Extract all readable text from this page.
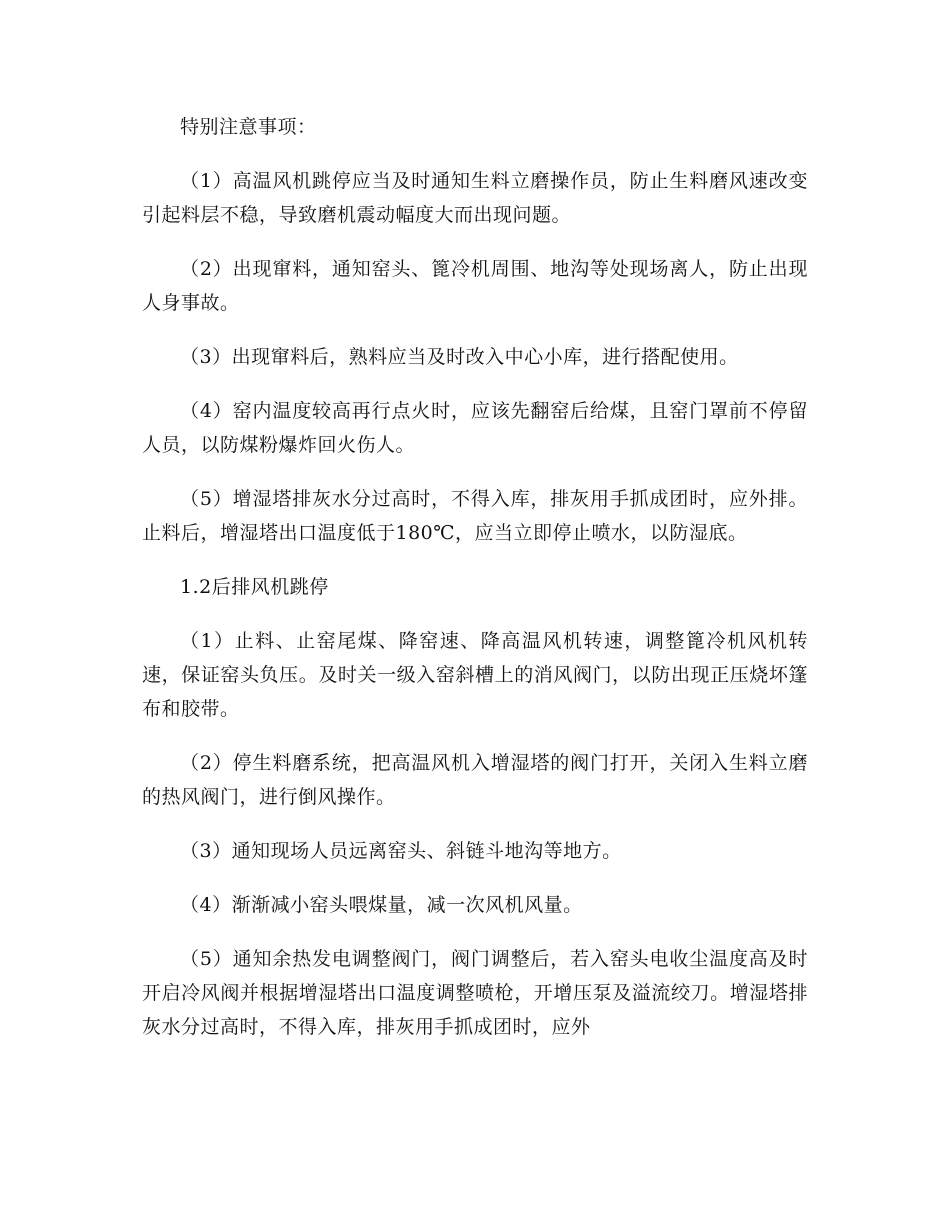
特别注意事项：

（1）高温风机跳停应当及时通知生料立磨操作员，防止生料磨风速改变引起料层不稳，导致磨机震动幅度大而出现问题。

（2）出现窜料，通知窑头、篦冷机周围、地沟等处现场离人，防止出现人身事故。

（3）出现窜料后，熟料应当及时改入中心小库，进行搭配使用。

（4）窑内温度较高再行点火时，应该先翻窑后给煤，且窑门罩前不停留人员，以防煤粉爆炸回火伤人。

（5）增湿塔排灰水分过高时，不得入库，排灰用手抓成团时，应外排。止料后，增湿塔出口温度低于180℃，应当立即停止喷水，以防湿底。

1.2后排风机跳停

（1）止料、止窑尾煤、降窑速、降高温风机转速，调整篦冷机风机转速，保证窑头负压。及时关一级入窑斜槽上的消风阀门，以防出现正压烧坏篷布和胶带。

（2）停生料磨系统，把高温风机入增湿塔的阀门打开，关闭入生料立磨的热风阀门，进行倒风操作。

（3）通知现场人员远离窑头、斜链斗地沟等地方。

（4）渐渐减小窑头喂煤量，减一次风机风量。

（5）通知余热发电调整阀门，阀门调整后，若入窑头电收尘温度高及时开启冷风阀并根据增湿塔出口温度调整喷枪，开增压泵及溢流绞刀。增湿塔排灰水分过高时，不得入库，排灰用手抓成团时，应外
